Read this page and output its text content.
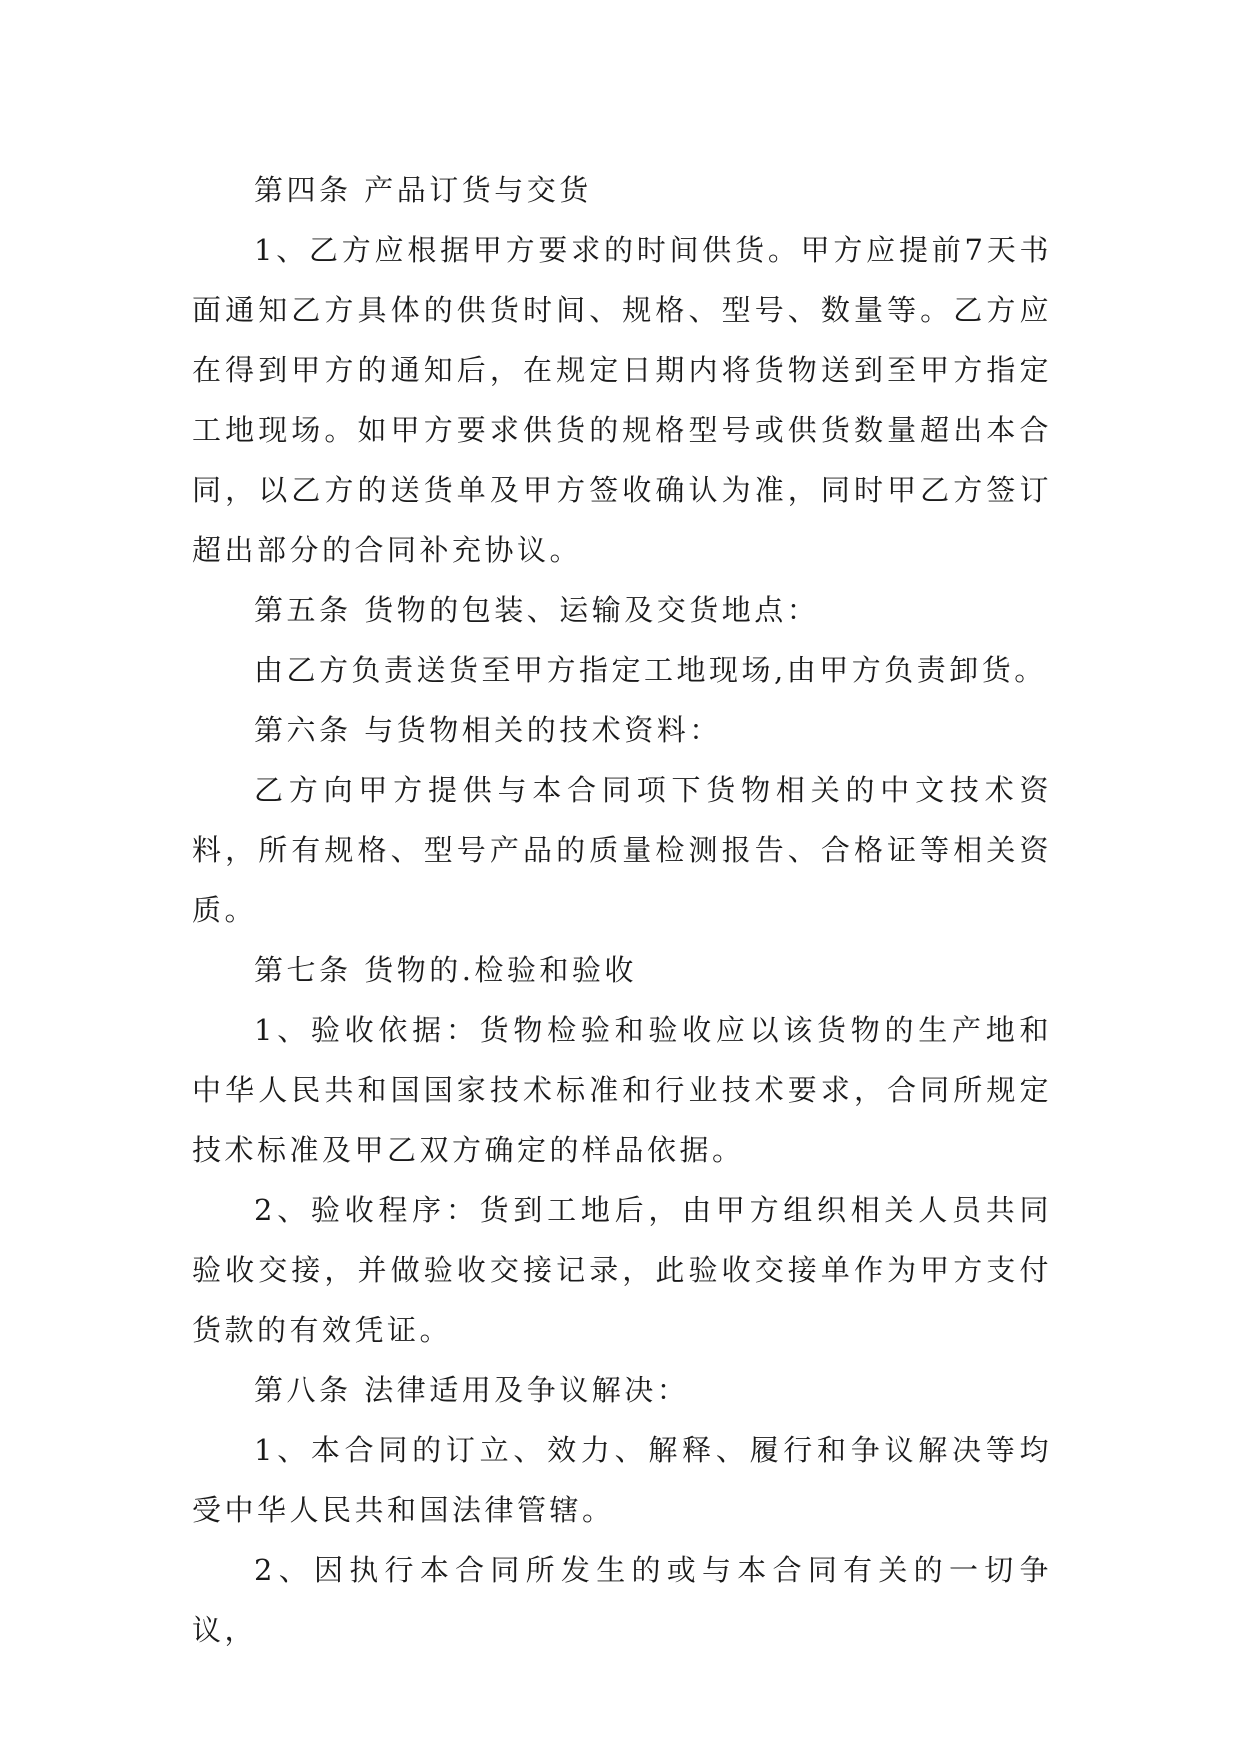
第四条 产品订货与交货

1、乙方应根据甲方要求的时间供货。甲方应提前7天书面通知乙方具体的供货时间、规格、型号、数量等。乙方应在得到甲方的通知后，在规定日期内将货物送到至甲方指定工地现场。如甲方要求供货的规格型号或供货数量超出本合同，以乙方的送货单及甲方签收确认为准，同时甲乙方签订超出部分的合同补充协议。

第五条 货物的包装、运输及交货地点：

由乙方负责送货至甲方指定工地现场,由甲方负责卸货。

第六条 与货物相关的技术资料：

乙方向甲方提供与本合同项下货物相关的中文技术资料，所有规格、型号产品的质量检测报告、合格证等相关资质。

第七条 货物的.检验和验收

1、验收依据：货物检验和验收应以该货物的生产地和中华人民共和国国家技术标准和行业技术要求，合同所规定技术标准及甲乙双方确定的样品依据。

2、验收程序：货到工地后，由甲方组织相关人员共同验收交接，并做验收交接记录，此验收交接单作为甲方支付货款的有效凭证。

第八条 法律适用及争议解决：

1、本合同的订立、效力、解释、履行和争议解决等均受中华人民共和国法律管辖。

2、因执行本合同所发生的或与本合同有关的一切争议，
